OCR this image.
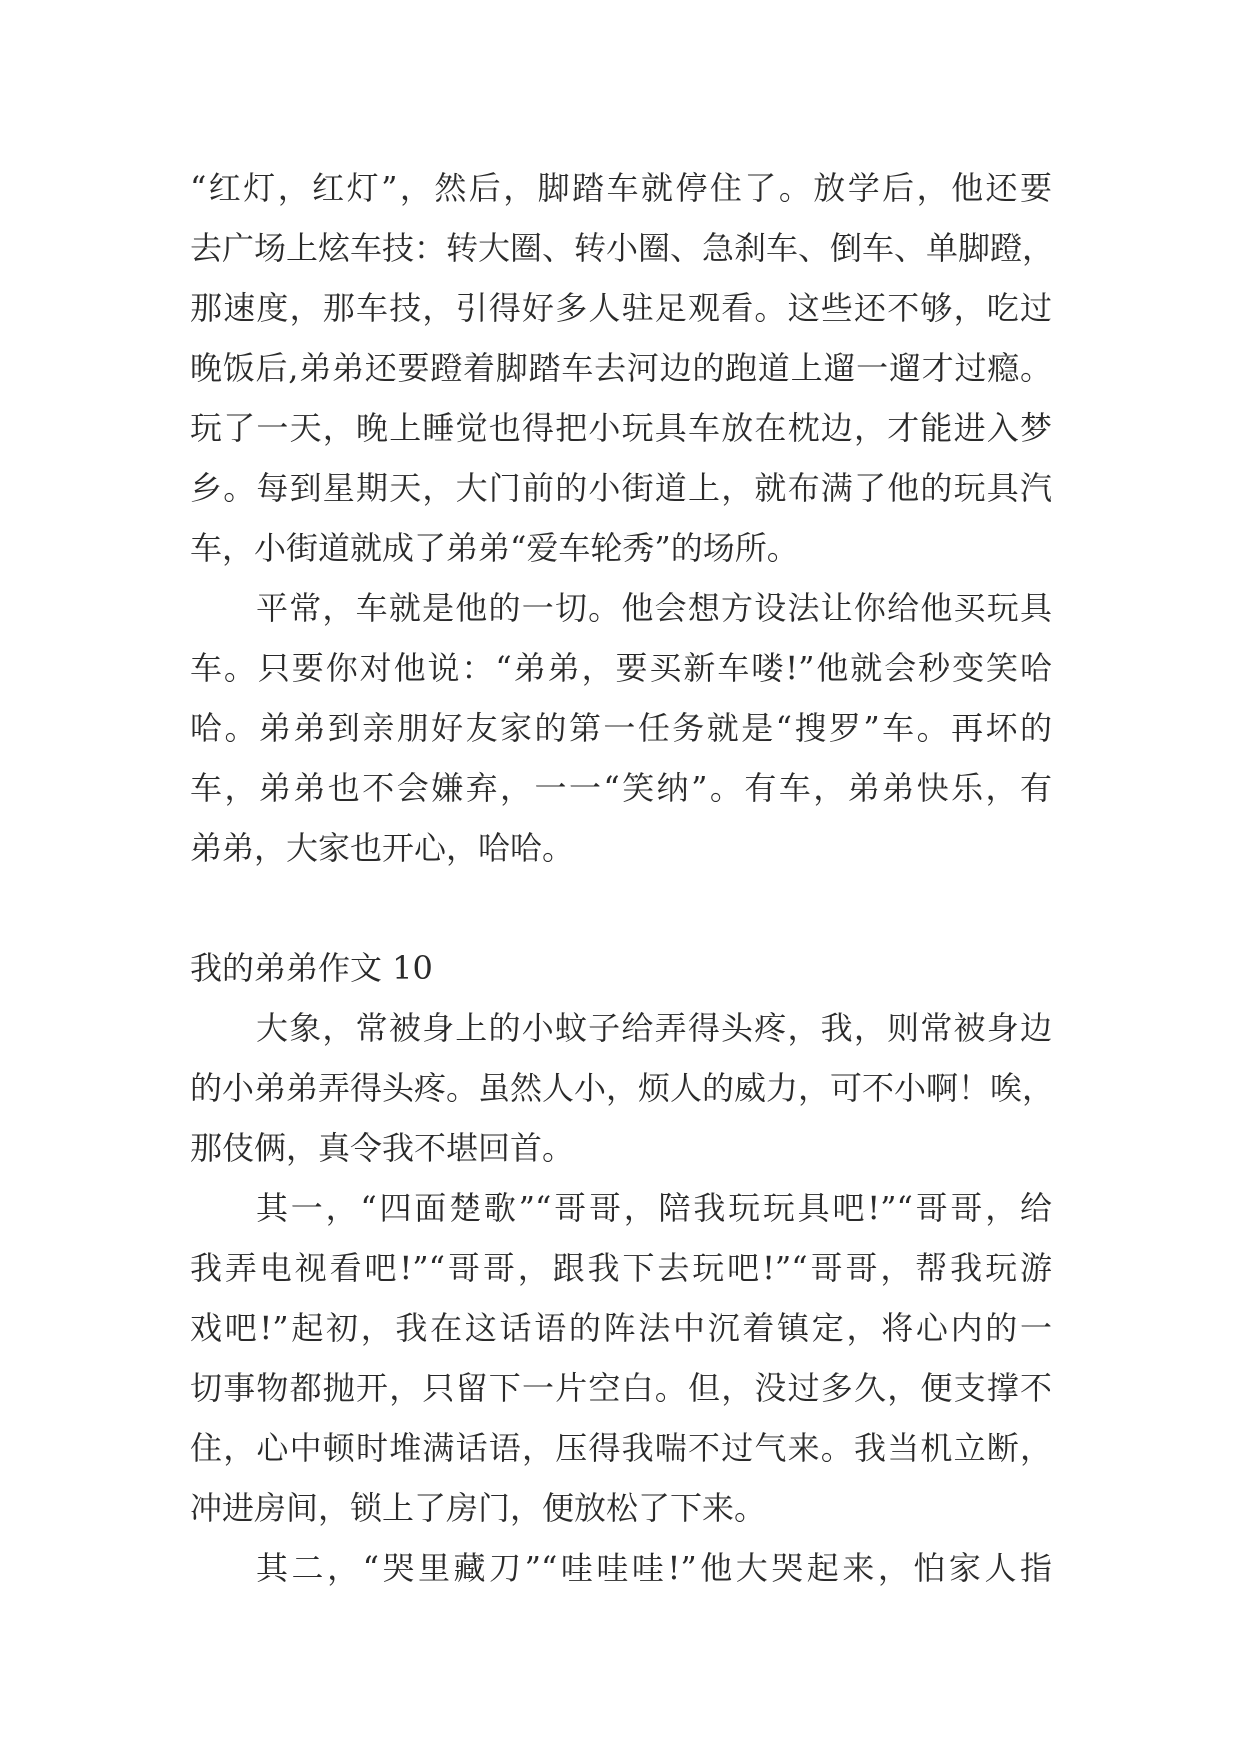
“红灯，红灯”，然后，脚踏车就停住了。放学后，他还要
去广场上炫车技：转大圈、转小圈、急刹车、倒车、单脚蹬，
那速度，那车技，引得好多人驻足观看。这些还不够，吃过
晚饭后,弟弟还要蹬着脚踏车去河边的跑道上遛一遛才过瘾。
玩了一天，晚上睡觉也得把小玩具车放在枕边，才能进入梦
乡。每到星期天，大门前的小街道上，就布满了他的玩具汽
车，小街道就成了弟弟“爱车轮秀”的场所。
平常，车就是他的一切。他会想方设法让你给他买玩具
车。只要你对他说：“弟弟，要买新车喽!”他就会秒变笑哈
哈。弟弟到亲朋好友家的第一任务就是“搜罗”车。再坏的
车，弟弟也不会嫌弃，一一“笑纳”。有车，弟弟快乐，有
弟弟，大家也开心，哈哈。
我的弟弟作文 10
大象，常被身上的小蚊子给弄得头疼，我，则常被身边
的小弟弟弄得头疼。虽然人小，烦人的威力，可不小啊！唉，
那伎俩，真令我不堪回首。
其一，“四面楚歌”“哥哥，陪我玩玩具吧!”“哥哥，给
我弄电视看吧!”“哥哥，跟我下去玩吧!”“哥哥，帮我玩游
戏吧!”起初，我在这话语的阵法中沉着镇定，将心内的一
切事物都抛开，只留下一片空白。但，没过多久，便支撑不
住，心中顿时堆满话语，压得我喘不过气来。我当机立断，
冲进房间，锁上了房门，便放松了下来。
其二，“哭里藏刀”“哇哇哇!”他大哭起来，怕家人指
